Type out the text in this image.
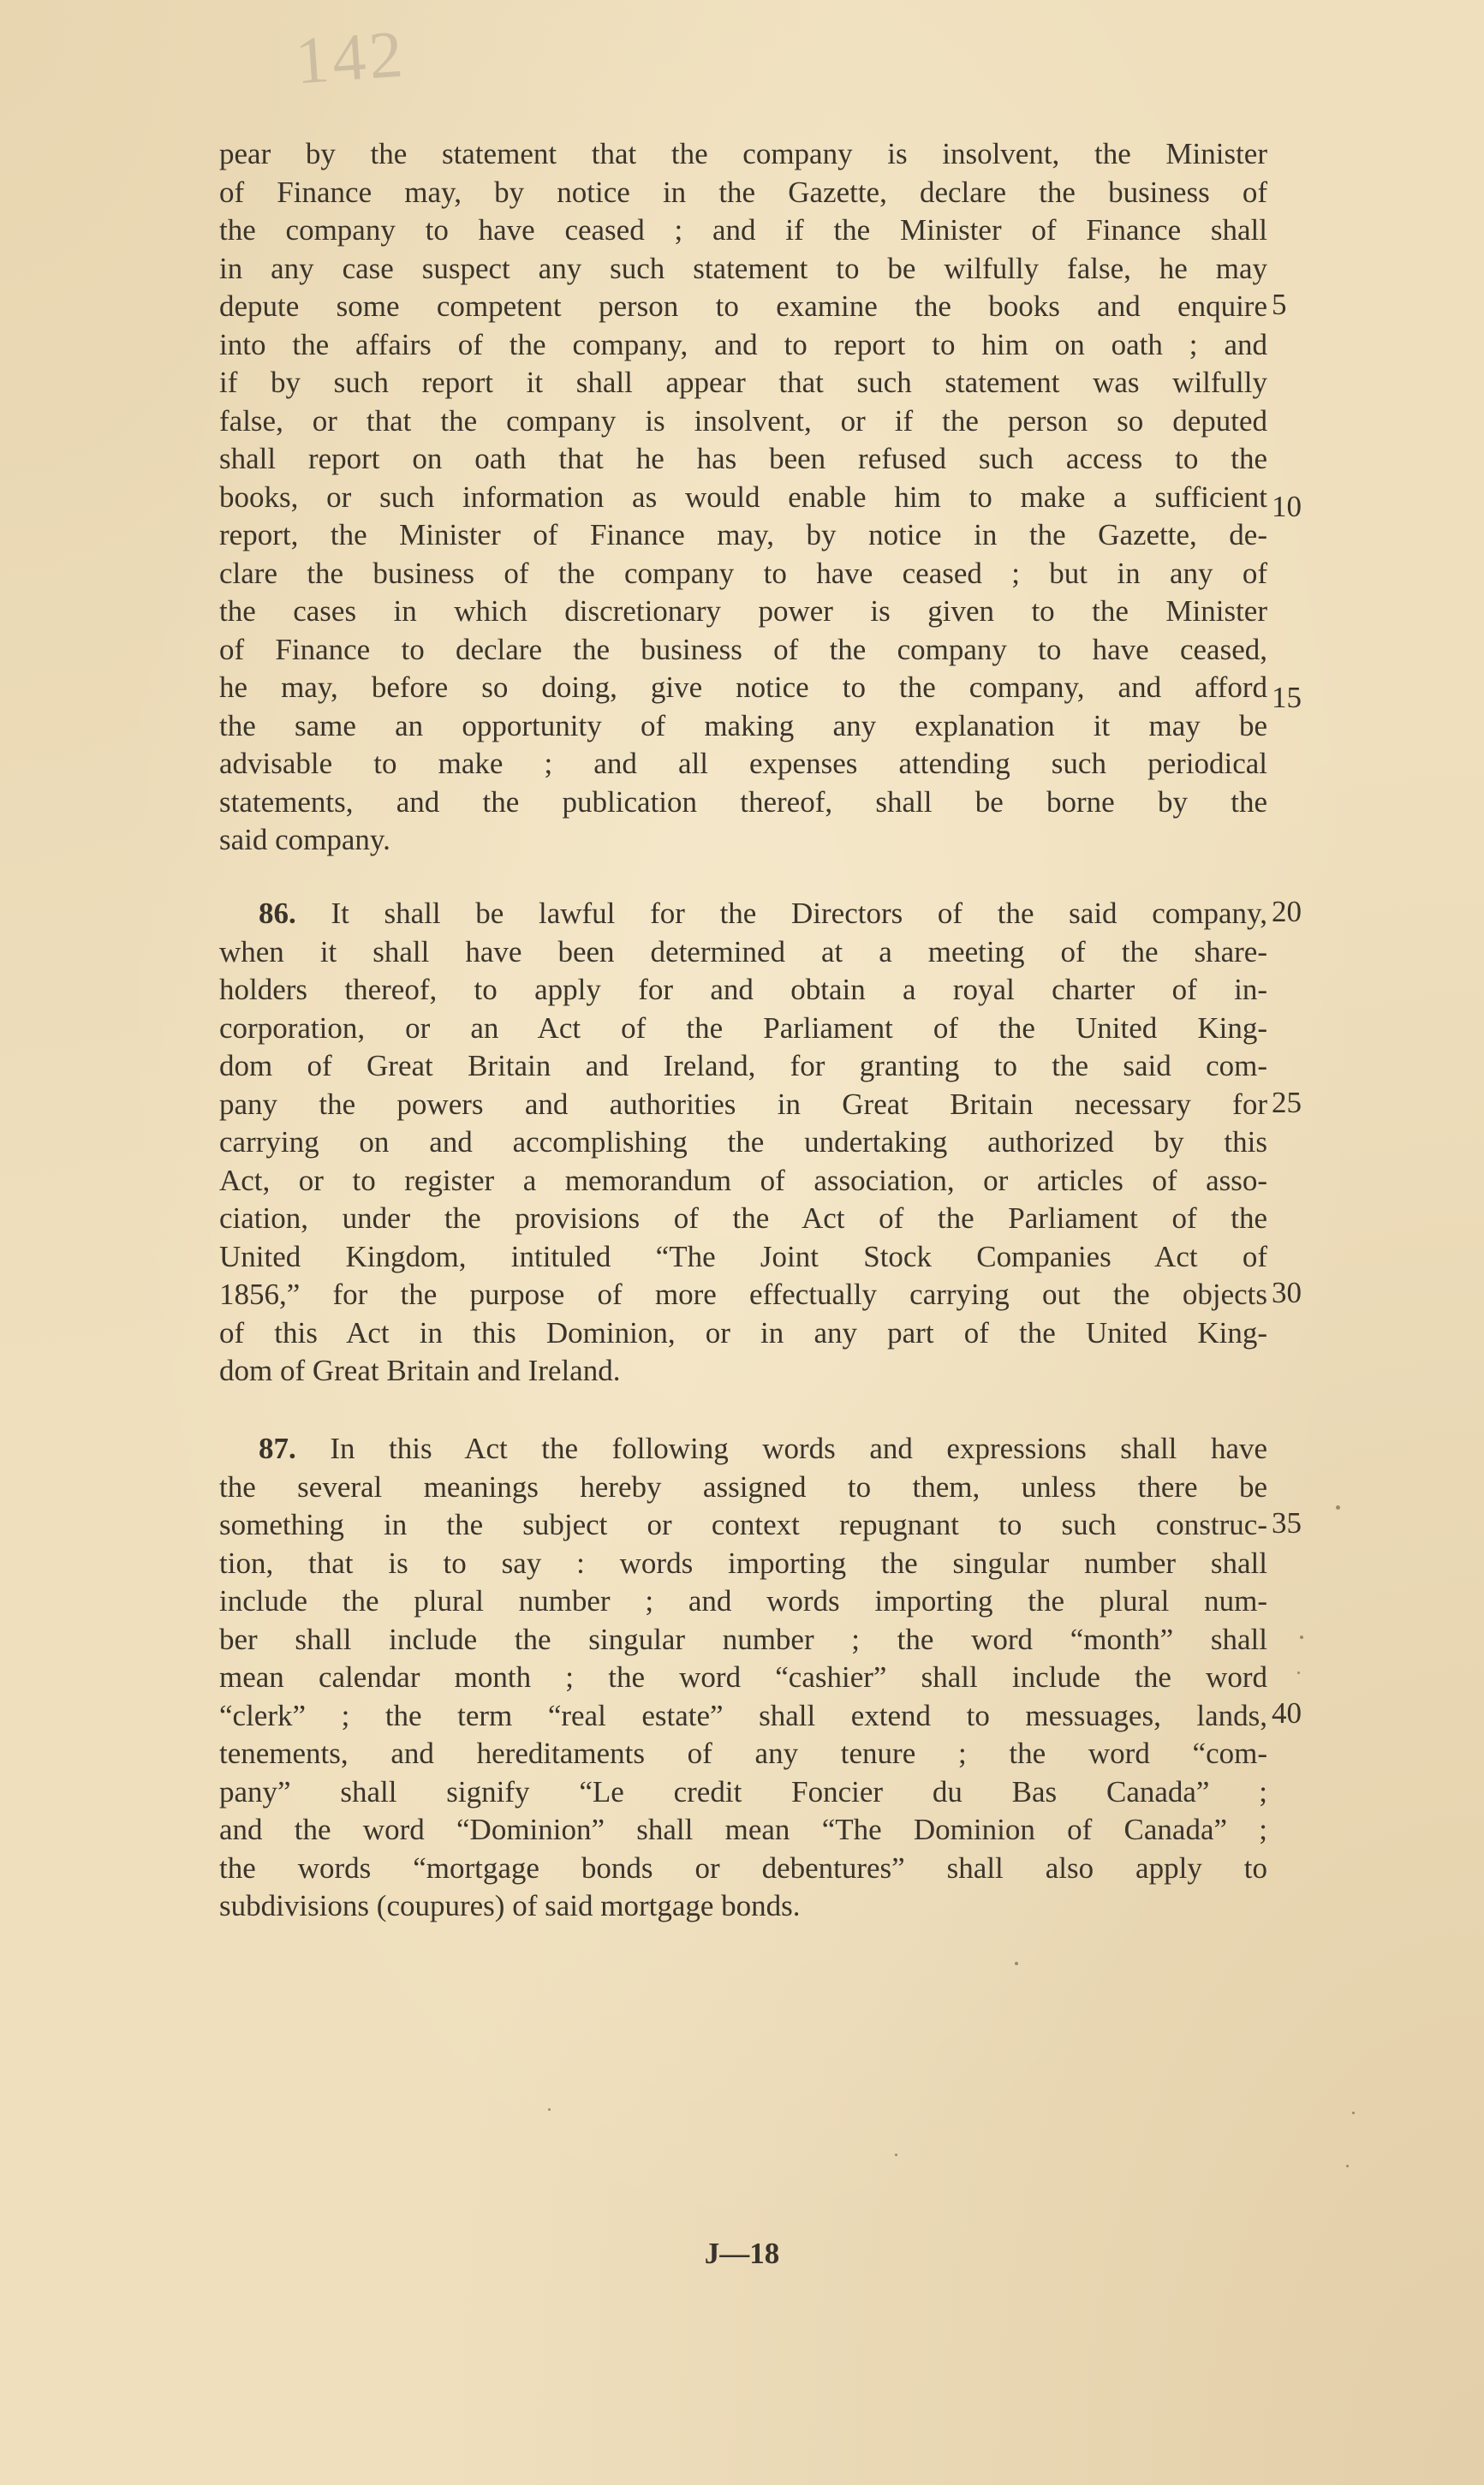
142
pear by the statement that the company is insolvent, the Minister
of Finance may, by notice in the Gazette, declare the business of
the company to have ceased ; and if the Minister of Finance shall
in any case suspect any such statement to be wilfully false, he may
depute some competent person to examine the books and enquire
into the affairs of the company, and to report to him on oath ; and
if by such report it shall appear that such statement was wilfully
false, or that the company is insolvent, or if the person so deputed
shall report on oath that he has been refused such access to the
books, or such information as would enable him to make a sufficient
report, the Minister of Finance may, by notice in the Gazette, de-
clare the business of the company to have ceased ; but in any of
the cases in which discretionary power is given to the Minister
of Finance to declare the business of the company to have ceased,
he may, before so doing, give notice to the company, and afford
the same an opportunity of making any explanation it may be
advisable to make ; and all expenses attending such periodical
statements, and the publication thereof, shall be borne by the
said company.
86. It shall be lawful for the Directors of the said company,
when it shall have been determined at a meeting of the share-
holders thereof, to apply for and obtain a royal charter of in-
corporation, or an Act of the Parliament of the United King-
dom of Great Britain and Ireland, for granting to the said com-
pany the powers and authorities in Great Britain necessary for
carrying on and accomplishing the undertaking authorized by this
Act, or to register a memorandum of association, or articles of asso-
ciation, under the provisions of the Act of the Parliament of the
United Kingdom, intituled “The Joint Stock Companies Act of
1856,” for the purpose of more effectually carrying out the objects
of this Act in this Dominion, or in any part of the United King-
dom of Great Britain and Ireland.
87. In this Act the following words and expressions shall have
the several meanings hereby assigned to them, unless there be
something in the subject or context repugnant to such construc-
tion, that is to say : words importing the singular number shall
include the plural number ; and words importing the plural num-
ber shall include the singular number ; the word “month” shall
mean calendar month ; the word “cashier” shall include the word
“clerk” ; the term “real estate” shall extend to messuages, lands,
tenements, and hereditaments of any tenure ; the word “com-
pany” shall signify “Le credit Foncier du Bas Canada” ;
and the word “Dominion” shall mean “The Dominion of Canada” ;
the words “mortgage bonds or debentures” shall also apply to
subdivisions (coupures) of said mortgage bonds.
5
10
15
20
25
30
35
40
J—18
